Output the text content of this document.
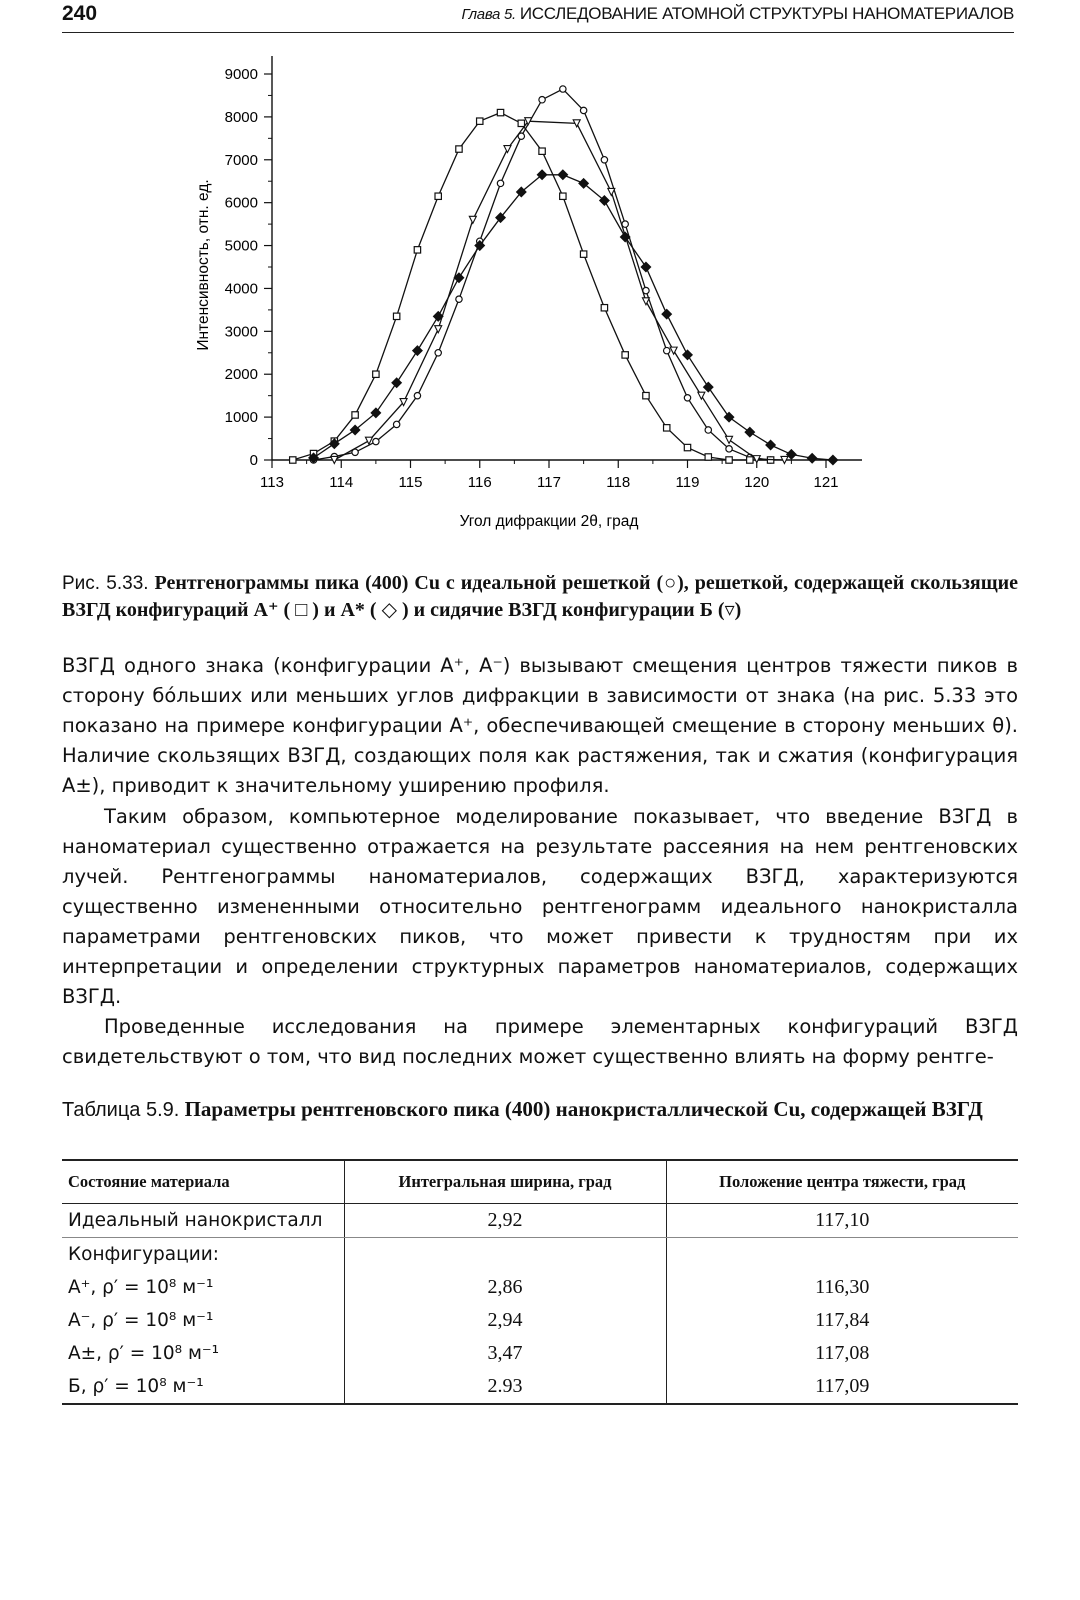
240	Глава 5. ИССЛЕДОВАНИЕ АТОМНОЙ СТРУКТУРЫ НАНОМАТЕРИАЛОВ
0
1000
2000
3000
4000
5000
6000
7000
8000
9000
113	114	115	116	117	118	119	120	121
Угол дифракции 2θ, град
Интенсивность, отн. ед.
Рис. 5.33. Рентгенограммы пика (400) Cu с идеальной решеткой (○), решеткой, содержащей скользящие ВЗГД конфигураций A⁺ ( □ ) и A* ( ◇ ) и сидячие ВЗГД конфигурации Б (▿)
ВЗГД одного знака (конфигурации A⁺, A⁻) вызывают смещения центров тяжести пиков в сторону бóльших или меньших углов дифракции в зависимости от знака (на рис. 5.33 это показано на примере конфигурации A⁺, обеспечивающей смещение в сторону меньших θ). Наличие скользящих ВЗГД, создающих поля как растяжения, так и сжатия (конфигурация A±), приводит к значительному уширению профиля.
Таким образом, компьютерное моделирование показывает, что введение ВЗГД в наноматериал существенно отражается на результате рассеяния на нем рентгеновских лучей. Рентгенограммы наноматериалов, содержащих ВЗГД, характеризуются существенно измененными относительно рентгенограмм идеального нанокристалла параметрами рентгеновских пиков, что может привести к трудностям при их интерпретации и определении структурных параметров наноматериалов, содержащих ВЗГД.
Проведенные исследования на примере элементарных конфигураций ВЗГД свидетельствуют о том, что вид последних может существенно влиять на форму рентге-
Таблица 5.9. Параметры рентгеновского пика (400) нанокристаллической Cu, содержащей ВЗГД
Состояние материала	Интегральная ширина, град	Положение центра тяжести, град
Идеальный нанокристалл	2,92	117,10
Конфигурации:		
A⁺, ρ′ = 10⁸ м⁻¹	2,86	116,30
A⁻, ρ′ = 10⁸ м⁻¹	2,94	117,84
A±, ρ′ = 10⁸ м⁻¹	3,47	117,08
Б, ρ′ = 10⁸ м⁻¹	2.93	117,09
